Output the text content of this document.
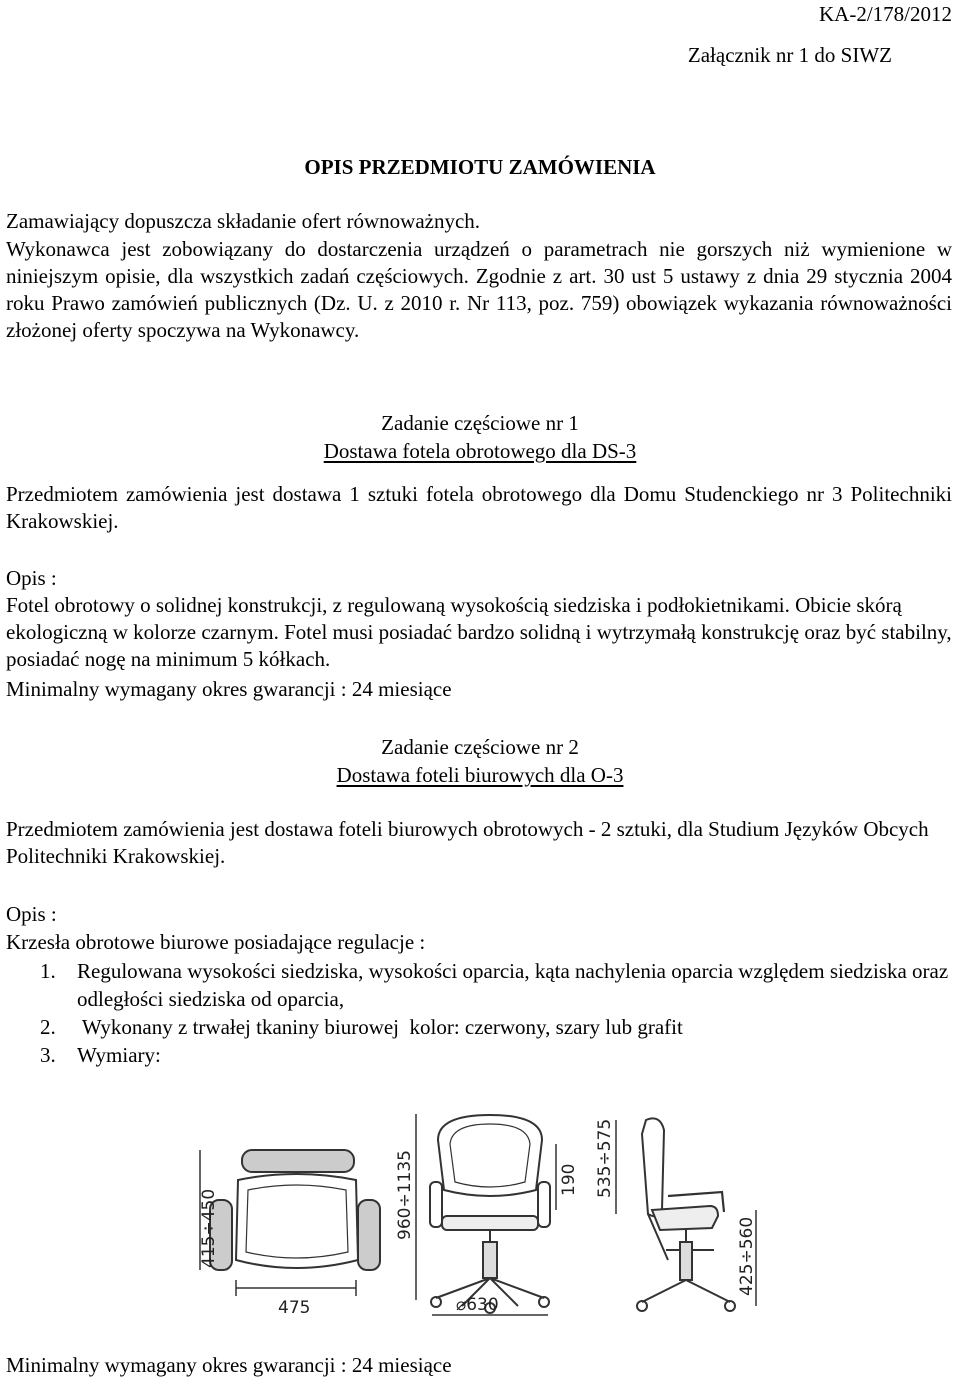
KA-2/178/2012
Załącznik nr 1 do SIWZ
OPIS PRZEDMIOTU ZAMÓWIENIA
Zamawiający dopuszcza składanie ofert równoważnych.
Wykonawca jest zobowiązany do dostarczenia urządzeń o parametrach nie gorszych niż wymienione w niniejszym opisie, dla wszystkich zadań częściowych. Zgodnie z art. 30 ust 5 ustawy z dnia 29 stycznia 2004 roku Prawo zamówień publicznych (Dz. U. z 2010 r. Nr 113, poz. 759) obowiązek wykazania równoważności złożonej oferty spoczywa na Wykonawcy.
Zadanie częściowe nr 1
Dostawa fotela obrotowego dla DS-3
Przedmiotem zamówienia jest dostawa 1 sztuki fotela obrotowego dla Domu Studenckiego nr 3 Politechniki Krakowskiej.
Opis :
Fotel obrotowy o solidnej konstrukcji, z regulowaną wysokością siedziska i podłokietnikami. Obicie skórą ekologiczną w kolorze czarnym. Fotel musi posiadać bardzo solidną i wytrzymałą konstrukcję oraz być stabilny, posiadać nogę na minimum 5 kółkach.
Minimalny wymagany okres gwarancji : 24 miesiące
Zadanie częściowe nr 2
Dostawa foteli biurowych dla O-3
Przedmiotem zamówienia jest dostawa foteli biurowych obrotowych - 2 sztuki, dla Studium Języków Obcych Politechniki Krakowskiej.
Opis :
Krzesła obrotowe biurowe posiadające regulacje :
1. Regulowana wysokości siedziska, wysokości oparcia, kąta nachylenia oparcia względem siedziska oraz odległości siedziska od oparcia,
2. Wykonany z trwałej tkaniny biurowej  kolor: czerwony, szary lub grafit
3. Wymiary:
415÷450
475
960÷1135	190
⌀630
535÷575
425÷560
Minimalny wymagany okres gwarancji : 24 miesiące
